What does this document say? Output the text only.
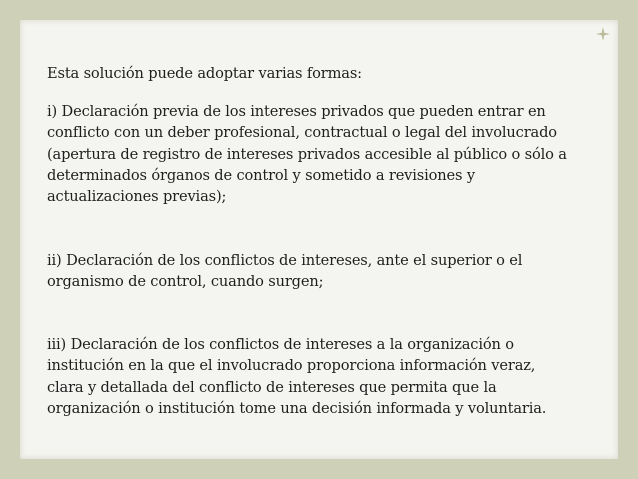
Esta solución puede adoptar varias formas:

i) Declaración previa de los intereses privados que pueden entrar en
conflicto con un deber profesional, contractual o legal del involucrado
(apertura de registro de intereses privados accesible al público o sólo a
determinados órganos de control y sometido a revisiones y
actualizaciones previas);

ii) Declaración de los conflictos de intereses, ante el superior o el
organismo de control, cuando surgen;

iii) Declaración de los conflictos de intereses a la organización o
institución en la que el involucrado proporciona información veraz,
clara y detallada del conflicto de intereses que permita que la
organización o institución tome una decisión informada y voluntaria.
